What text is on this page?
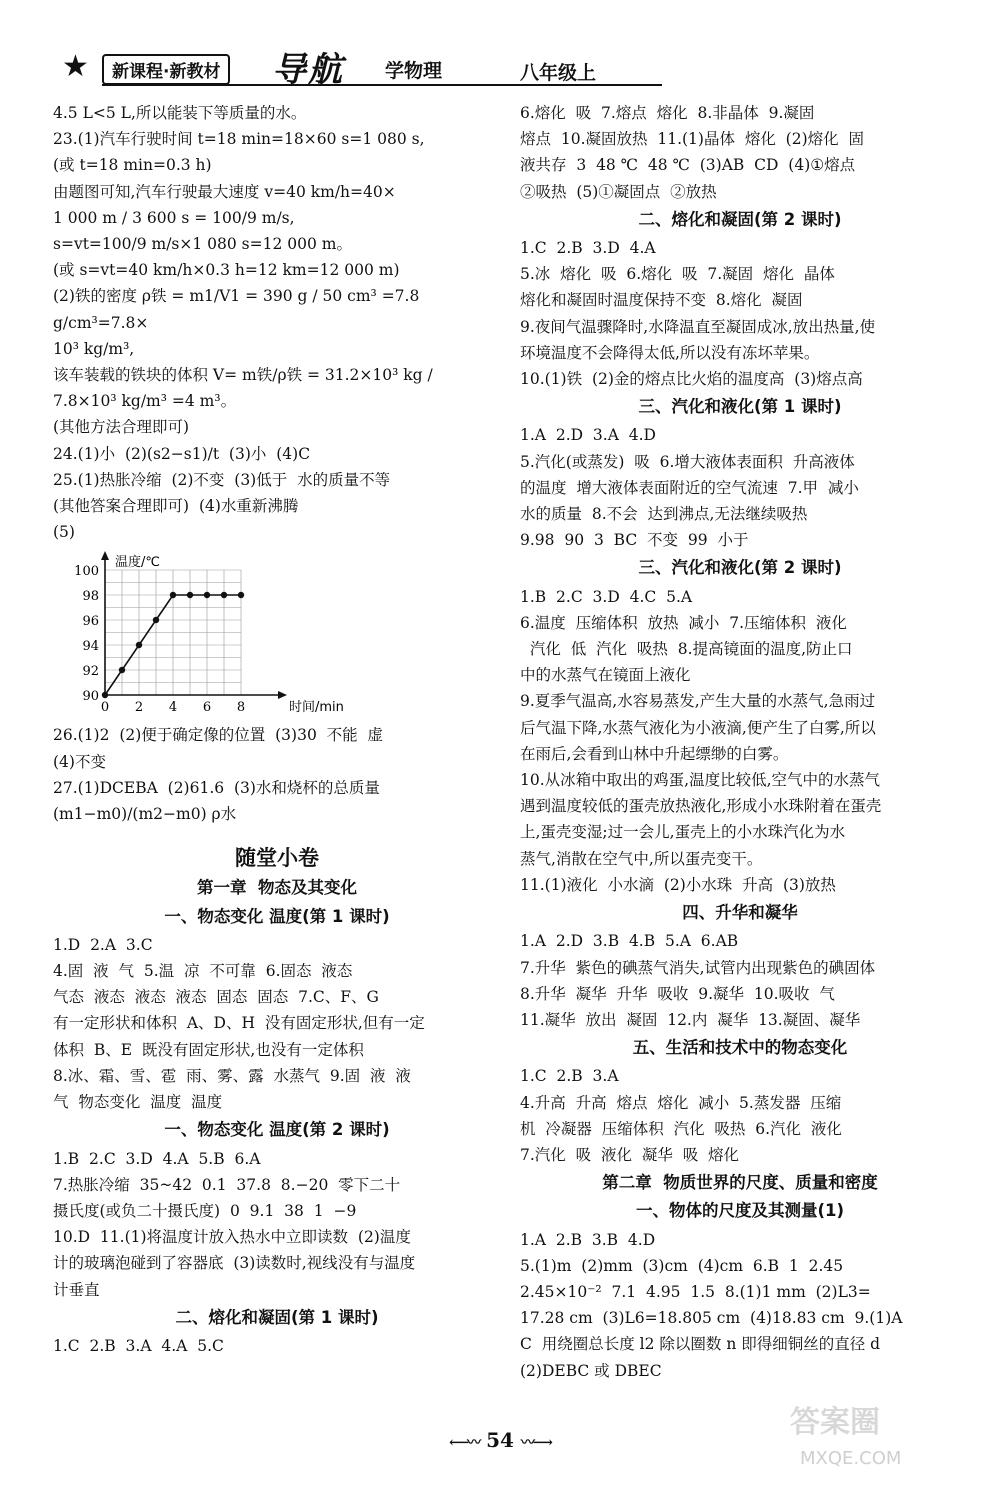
★	新课程·新教材 导航 学物理	八年级上

4.5 L<5 L,所以能装下等质量的水。

23.(1)汽车行驶时间 t=18 min=18×60 s=1 080 s,

(或 t=18 min=0.3 h)

由题图可知,汽车行驶最大速度 v=40 km/h=40×

1 000 m / 3 600 s = 100/9 m/s,

s=vt=100/9 m/s×1 080 s=12 000 m。

(或 s=vt=40 km/h×0.3 h=12 km=12 000 m)

(2)铁的密度 ρ铁 = m1/V1 = 390 g / 50 cm³ =7.8 g/cm³=7.8×

10³ kg/m³,

该车装载的铁块的体积 V= m铁/ρ铁 = 31.2×10³ kg / 7.8×10³ kg/m³ =4 m³。

(其他方法合理即可)

24.(1)小  (2)(s2−s1)/t  (3)小  (4)C

25.(1)热胀冷缩  (2)不变  (3)低于  水的质量不等

(其他答案合理即可)  (4)水重新沸腾

(5)

0 2 4 6 8
90
92
94
96
98
100
时间/min
温度/℃

26.(1)2  (2)便于确定像的位置  (3)30  不能  虚

(4)不变

27.(1)DCEBA  (2)61.6  (3)水和烧杯的总质量

(m1−m0)/(m2−m0) ρ水

随堂小卷

第一章  物态及其变化

一、物态变化 温度(第 1 课时)

1.D  2.A  3.C

4.固  液  气  5.温  凉  不可靠  6.固态  液态

气态  液态  液态  液态  固态  固态  7.C、F、G

有一定形状和体积  A、D、H  没有固定形状,但有一定

体积  B、E  既没有固定形状,也没有一定体积

8.冰、霜、雪、雹  雨、雾、露  水蒸气  9.固  液  液

气  物态变化  温度  温度

一、物态变化 温度(第 2 课时)

1.B  2.C  3.D  4.A  5.B  6.A

7.热胀冷缩  35~42  0.1  37.8  8.−20  零下二十

摄氏度(或负二十摄氏度)  0  9.1  38  1  −9

10.D  11.(1)将温度计放入热水中立即读数  (2)温度

计的玻璃泡碰到了容器底  (3)读数时,视线没有与温度

计垂直

二、熔化和凝固(第 1 课时)

1.C  2.B  3.A  4.A  5.C

6.熔化  吸  7.熔点  熔化  8.非晶体  9.凝固

熔点  10.凝固放热  11.(1)晶体  熔化  (2)熔化  固

液共存  3  48 ℃  48 ℃  (3)AB  CD  (4)①熔点

②吸热  (5)①凝固点  ②放热

二、熔化和凝固(第 2 课时)

1.C  2.B  3.D  4.A

5.冰  熔化  吸  6.熔化  吸  7.凝固  熔化  晶体

熔化和凝固时温度保持不变  8.熔化  凝固

9.夜间气温骤降时,水降温直至凝固成冰,放出热量,使

环境温度不会降得太低,所以没有冻坏苹果。

10.(1)铁  (2)金的熔点比火焰的温度高  (3)熔点高

三、汽化和液化(第 1 课时)

1.A  2.D  3.A  4.D

5.汽化(或蒸发)  吸  6.增大液体表面积  升高液体

的温度  增大液体表面附近的空气流速  7.甲  减小

水的质量  8.不会  达到沸点,无法继续吸热

9.98  90  3  BC  不变  99  小于

三、汽化和液化(第 2 课时)

1.B  2.C  3.D  4.C  5.A

6.温度  压缩体积  放热  减小  7.压缩体积  液化

汽化  低  汽化  吸热  8.提高镜面的温度,防止口

中的水蒸气在镜面上液化

9.夏季气温高,水容易蒸发,产生大量的水蒸气,急雨过

后气温下降,水蒸气液化为小液滴,便产生了白雾,所以

在雨后,会看到山林中升起缥缈的白雾。

10.从冰箱中取出的鸡蛋,温度比较低,空气中的水蒸气

遇到温度较低的蛋壳放热液化,形成小水珠附着在蛋壳

上,蛋壳变湿;过一会儿,蛋壳上的小水珠汽化为水

蒸气,消散在空气中,所以蛋壳变干。

11.(1)液化  小水滴  (2)小水珠  升高  (3)放热

四、升华和凝华

1.A  2.D  3.B  4.B  5.A  6.AB

7.升华  紫色的碘蒸气消失,试管内出现紫色的碘固体

8.升华  凝华  升华  吸收  9.凝华  10.吸收  气

11.凝华  放出  凝固  12.内  凝华  13.凝固、凝华

五、生活和技术中的物态变化

1.C  2.B  3.A

4.升高  升高  熔点  熔化  减小  5.蒸发器  压缩

机  冷凝器  压缩体积  汽化  吸热  6.汽化  液化

7.汽化  吸  液化  凝华  吸  熔化

第二章  物质世界的尺度、质量和密度

一、物体的尺度及其测量(1)

1.A  2.B  3.B  4.D

5.(1)m  (2)mm  (3)cm  (4)cm  6.B  1  2.45

2.45×10⁻²  7.1  4.95  1.5  8.(1)1 mm  (2)L3=

17.28 cm  (3)L6=18.805 cm  (4)18.83 cm  9.(1)A

C  用绕圈总长度 l2 除以圈数 n 即得细铜丝的直径 d

(2)DEBC 或 DBEC

⟵〰 54 〰⟶
答案圈
MXQE.COM
